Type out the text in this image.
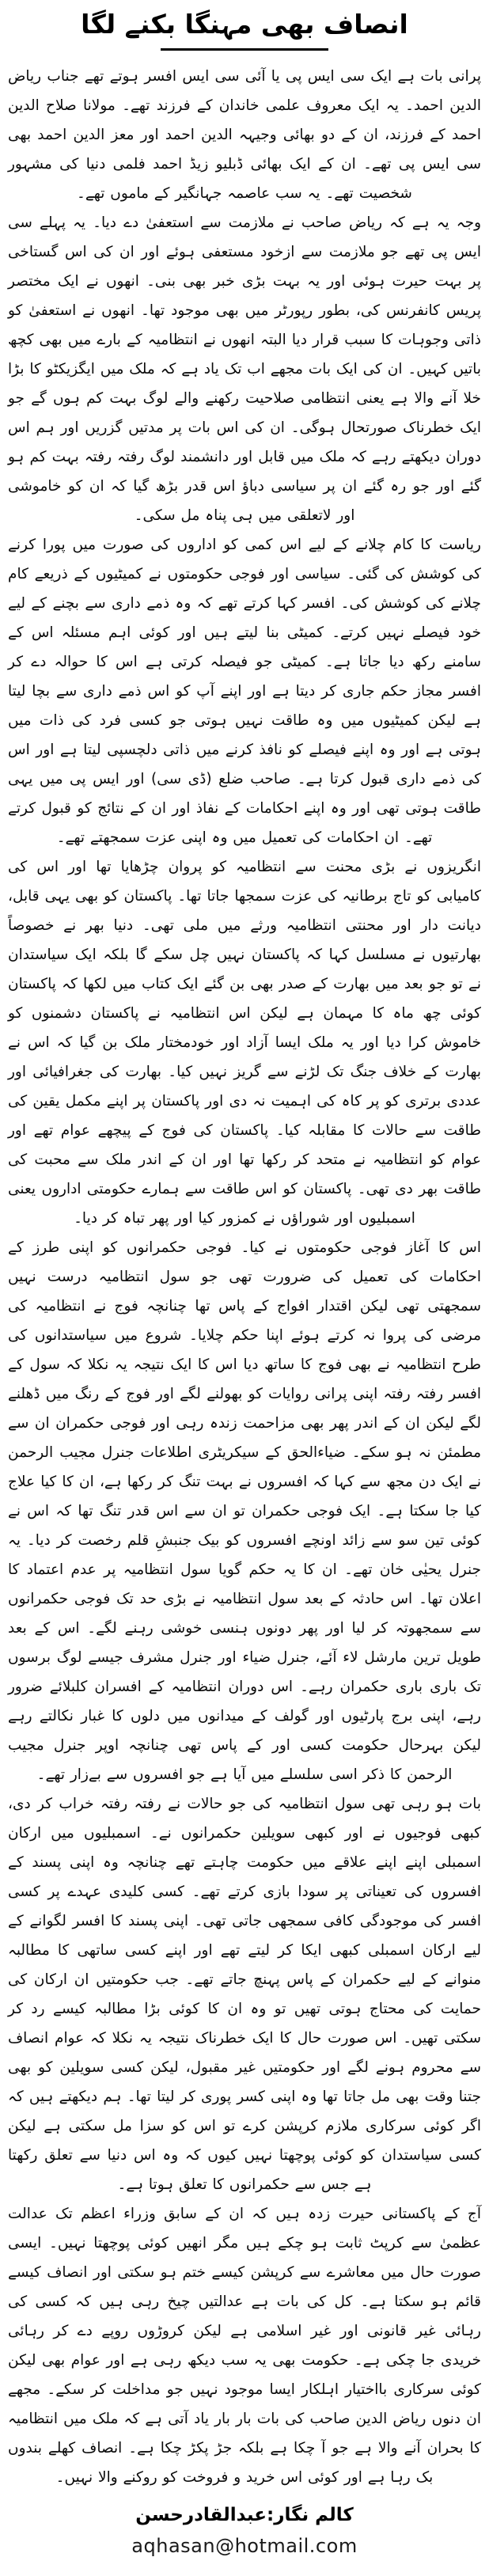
انصاف بھی مہنگا بکنے لگا

پرانی بات ہے ایک سی ایس پی یا آئی سی ایس افسر ہوتے تھے جناب ریاض الدین احمد۔ یہ ایک معروف علمی خاندان کے فرزند تھے۔ مولانا صلاح الدین احمد کے فرزند، ان کے دو بھائی وجیہہ الدین احمد اور معز الدین احمد بھی سی ایس پی تھے۔ ان کے ایک بھائی ڈبلیو زیڈ احمد فلمی دنیا کی مشہور شخصیت تھے۔ یہ سب عاصمہ جہانگیر کے ماموں تھے۔

وجہ یہ ہے کہ ریاض صاحب نے ملازمت سے استعفیٰ دے دیا۔ یہ پہلے سی ایس پی تھے جو ملازمت سے ازخود مستعفی ہوئے اور ان کی اس گستاخی پر بہت حیرت ہوئی اور یہ بہت بڑی خبر بھی بنی۔ انھوں نے ایک مختصر پریس کانفرنس کی، بطور رپورٹر میں بھی موجود تھا۔ انھوں نے استعفیٰ کو ذاتی وجوہات کا سبب قرار دیا البتہ انھوں نے انتظامیہ کے بارے میں بھی کچھ باتیں کہیں۔ ان کی ایک بات مجھے اب تک یاد ہے کہ ملک میں ایگزیکٹو کا بڑا خلا آنے والا ہے یعنی انتظامی صلاحیت رکھنے والے لوگ بہت کم ہوں گے جو ایک خطرناک صورتحال ہوگی۔ ان کی اس بات پر مدتیں گزریں اور ہم اس دوران دیکھتے رہے کہ ملک میں قابل اور دانشمند لوگ رفتہ رفتہ بہت کم ہو گئے اور جو رہ گئے ان پر سیاسی دباؤ اس قدر بڑھ گیا کہ ان کو خاموشی اور لاتعلقی میں ہی پناہ مل سکی۔

ریاست کا کام چلانے کے لیے اس کمی کو اداروں کی صورت میں پورا کرنے کی کوشش کی گئی۔ سیاسی اور فوجی حکومتوں نے کمیٹیوں کے ذریعے کام چلانے کی کوشش کی۔ افسر کہا کرتے تھے کہ وہ ذمے داری سے بچنے کے لیے خود فیصلے نہیں کرتے۔ کمیٹی بنا لیتے ہیں اور کوئی اہم مسئلہ اس کے سامنے رکھ دیا جاتا ہے۔ کمیٹی جو فیصلہ کرتی ہے اس کا حوالہ دے کر افسر مجاز حکم جاری کر دیتا ہے اور اپنے آپ کو اس ذمے داری سے بچا لیتا ہے لیکن کمیٹیوں میں وہ طاقت نہیں ہوتی جو کسی فرد کی ذات میں ہوتی ہے اور وہ اپنے فیصلے کو نافذ کرنے میں ذاتی دلچسپی لیتا ہے اور اس کی ذمے داری قبول کرتا ہے۔ صاحب ضلع (ڈی سی) اور ایس پی میں یہی طاقت ہوتی تھی اور وہ اپنے احکامات کے نفاذ اور ان کے نتائج کو قبول کرتے تھے۔ ان احکامات کی تعمیل میں وہ اپنی عزت سمجھتے تھے۔

انگریزوں نے بڑی محنت سے انتظامیہ کو پروان چڑھایا تھا اور اس کی کامیابی کو تاج برطانیہ کی عزت سمجھا جاتا تھا۔ پاکستان کو بھی یہی قابل، دیانت دار اور محنتی انتظامیہ ورثے میں ملی تھی۔ دنیا بھر نے خصوصاً بھارتیوں نے مسلسل کہا کہ پاکستان نہیں چل سکے گا بلکہ ایک سیاستدان نے تو جو بعد میں بھارت کے صدر بھی بن گئے ایک کتاب میں لکھا کہ پاکستان کوئی چھ ماہ کا مہمان ہے لیکن اس انتظامیہ نے پاکستان دشمنوں کو خاموش کرا دیا اور یہ ملک ایسا آزاد اور خودمختار ملک بن گیا کہ اس نے بھارت کے خلاف جنگ تک لڑنے سے گریز نہیں کیا۔ بھارت کی جغرافیائی اور عددی برتری کو پر کاہ کی اہمیت نہ دی اور پاکستان پر اپنے مکمل یقین کی طاقت سے حالات کا مقابلہ کیا۔ پاکستان کی فوج کے پیچھے عوام تھے اور عوام کو انتظامیہ نے متحد کر رکھا تھا اور ان کے اندر ملک سے محبت کی طاقت بھر دی تھی۔ پاکستان کو اس طاقت سے ہمارے حکومتی اداروں یعنی اسمبلیوں اور شوراؤں نے کمزور کیا اور پھر تباہ کر دیا۔

اس کا آغاز فوجی حکومتوں نے کیا۔ فوجی حکمرانوں کو اپنی طرز کے احکامات کی تعمیل کی ضرورت تھی جو سول انتظامیہ درست نہیں سمجھتی تھی لیکن اقتدار افواج کے پاس تھا چنانچہ فوج نے انتظامیہ کی مرضی کی پروا نہ کرتے ہوئے اپنا حکم چلایا۔ شروع میں سیاستدانوں کی طرح انتظامیہ نے بھی فوج کا ساتھ دیا اس کا ایک نتیجہ یہ نکلا کہ سول کے افسر رفتہ رفتہ اپنی پرانی روایات کو بھولنے لگے اور فوج کے رنگ میں ڈھلنے لگے لیکن ان کے اندر پھر بھی مزاحمت زندہ رہی اور فوجی حکمران ان سے مطمئن نہ ہو سکے۔ ضیاءالحق کے سیکریٹری اطلاعات جنرل مجیب الرحمن نے ایک دن مجھ سے کہا کہ افسروں نے بہت تنگ کر رکھا ہے، ان کا کیا علاج کیا جا سکتا ہے۔ ایک فوجی حکمران تو ان سے اس قدر تنگ تھا کہ اس نے کوئی تین سو سے زائد اونچے افسروں کو بیک جنبشِ قلم رخصت کر دیا۔ یہ جنرل یحیٰی خان تھے۔ ان کا یہ حکم گویا سول انتظامیہ پر عدم اعتماد کا اعلان تھا۔ اس حادثہ کے بعد سول انتظامیہ نے بڑی حد تک فوجی حکمرانوں سے سمجھوتہ کر لیا اور پھر دونوں ہنسی خوشی رہنے لگے۔ اس کے بعد طویل ترین مارشل لاء آئے، جنرل ضیاء اور جنرل مشرف جیسے لوگ برسوں تک باری باری حکمران رہے۔ اس دوران انتظامیہ کے افسران کلبلائے ضرور رہے، اپنی برج پارٹیوں اور گولف کے میدانوں میں دلوں کا غبار نکالتے رہے لیکن بہرحال حکومت کسی اور کے پاس تھی چنانچہ اوپر جنرل مجیب الرحمن کا ذکر اسی سلسلے میں آیا ہے جو افسروں سے بےزار تھے۔

بات ہو رہی تھی سول انتظامیہ کی جو حالات نے رفتہ رفتہ خراب کر دی، کبھی فوجیوں نے اور کبھی سویلین حکمرانوں نے۔ اسمبلیوں میں ارکان اسمبلی اپنے اپنے علاقے میں حکومت چاہتے تھے چنانچہ وہ اپنی پسند کے افسروں کی تعیناتی پر سودا بازی کرتے تھے۔ کسی کلیدی عہدے پر کسی افسر کی موجودگی کافی سمجھی جاتی تھی۔ اپنی پسند کا افسر لگوانے کے لیے ارکان اسمبلی کبھی ایکا کر لیتے تھے اور اپنے کسی ساتھی کا مطالبہ منوانے کے لیے حکمران کے پاس پہنچ جاتے تھے۔ جب حکومتیں ان ارکان کی حمایت کی محتاج ہوتی تھیں تو وہ ان کا کوئی بڑا مطالبہ کیسے رد کر سکتی تھیں۔ اس صورت حال کا ایک خطرناک نتیجہ یہ نکلا کہ عوام انصاف سے محروم ہونے لگے اور حکومتیں غیر مقبول، لیکن کسی سویلین کو بھی جتنا وقت بھی مل جاتا تھا وہ اپنی کسر پوری کر لیتا تھا۔ ہم دیکھتے ہیں کہ اگر کوئی سرکاری ملازم کرپشن کرے تو اس کو سزا مل سکتی ہے لیکن کسی سیاستدان کو کوئی پوچھتا نہیں کیوں کہ وہ اس دنیا سے تعلق رکھتا ہے جس سے حکمرانوں کا تعلق ہوتا ہے۔

آج کے پاکستانی حیرت زدہ ہیں کہ ان کے سابق وزراء اعظم تک عدالت عظمیٰ سے کرپٹ ثابت ہو چکے ہیں مگر انھیں کوئی پوچھتا نہیں۔ ایسی صورت حال میں معاشرے سے کرپشن کیسے ختم ہو سکتی اور انصاف کیسے قائم ہو سکتا ہے۔ کل کی بات ہے عدالتیں چیخ رہی ہیں کہ کسی کی رہائی غیر قانونی اور غیر اسلامی ہے لیکن کروڑوں روپے دے کر رہائی خریدی جا چکی ہے۔ حکومت بھی یہ سب دیکھ رہی ہے اور عوام بھی لیکن کوئی سرکاری بااختیار اہلکار ایسا موجود نہیں جو مداخلت کر سکے۔ مجھے ان دنوں ریاض الدین صاحب کی بات بار بار یاد آتی ہے کہ ملک میں انتظامیہ کا بحران آنے والا ہے جو آ چکا ہے بلکہ جڑ پکڑ چکا ہے۔ انصاف کھلے بندوں بک رہا ہے اور کوئی اس خرید و فروخت کو روکنے والا نہیں۔

کالم نگار:عبدالقادرحسن
aqhasan@hotmail.com
